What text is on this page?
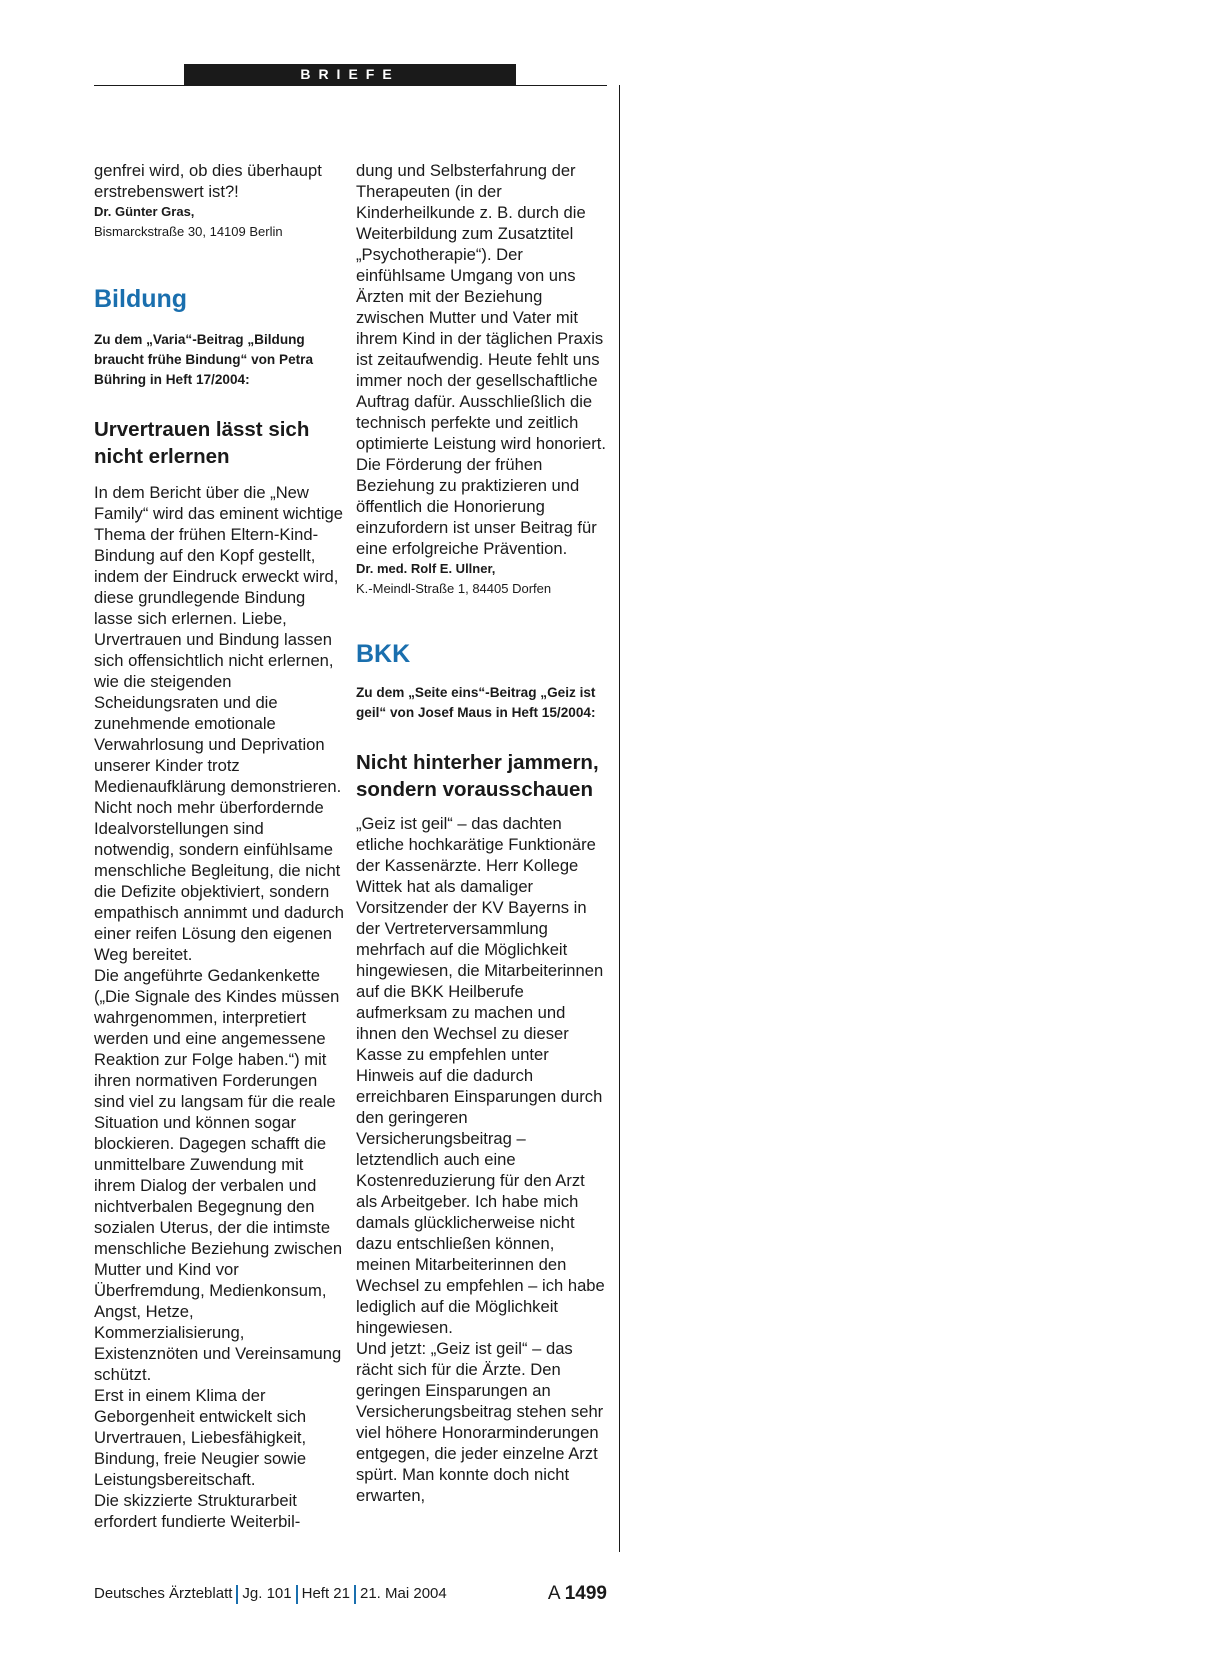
BRIEFE

genfrei wird, ob dies überhaupt erstrebenswert ist?!

Dr. Günter Gras,

Bismarckstraße 30, 14109 Berlin

Bildung

Zu dem „Varia“-Beitrag „Bildung braucht frühe Bindung“ von Petra Bühring in Heft 17/2004:

Urvertrauen lässt sich nicht erlernen

In dem Bericht über die „New Family“ wird das eminent wichtige Thema der frühen Eltern-Kind-Bindung auf den Kopf gestellt, indem der Eindruck erweckt wird, diese grundlegende Bindung lasse sich erlernen. Liebe, Urvertrauen und Bindung lassen sich offensichtlich nicht erlernen, wie die steigenden Scheidungsraten und die zunehmende emotionale Verwahrlosung und Deprivation unserer Kinder trotz Medienaufklärung demonstrieren. Nicht noch mehr überfordernde Idealvorstellungen sind notwendig, sondern einfühlsame menschliche Begleitung, die nicht die Defizite objektiviert, sondern empathisch annimmt und dadurch einer reifen Lösung den eigenen Weg bereitet.

Die angeführte Gedankenkette („Die Signale des Kindes müssen wahrgenommen, interpretiert werden und eine angemessene Reaktion zur Folge haben.“) mit ihren normativen Forderungen sind viel zu langsam für die reale Situation und können sogar blockieren. Dagegen schafft die unmittelbare Zuwendung mit ihrem Dialog der verbalen und nichtverbalen Begegnung den sozialen Uterus, der die intimste menschliche Beziehung zwischen Mutter und Kind vor Überfremdung, Medienkonsum, Angst, Hetze, Kommerzialisierung, Existenznöten und Vereinsamung schützt.

Erst in einem Klima der Geborgenheit entwickelt sich Urvertrauen, Liebesfähigkeit, Bindung, freie Neugier sowie Leistungsbereitschaft.

Die skizzierte Strukturarbeit erfordert fundierte Weiterbil-

dung und Selbsterfahrung der Therapeuten (in der Kinderheilkunde z. B. durch die Weiterbildung zum Zusatztitel „Psychotherapie“). Der einfühlsame Umgang von uns Ärzten mit der Beziehung zwischen Mutter und Vater mit ihrem Kind in der täglichen Praxis ist zeitaufwendig. Heute fehlt uns immer noch der gesellschaftliche Auftrag dafür. Ausschließlich die technisch perfekte und zeitlich optimierte Leistung wird honoriert. Die Förderung der frühen Beziehung zu praktizieren und öffentlich die Honorierung einzufordern ist unser Beitrag für eine erfolgreiche Prävention.

Dr. med. Rolf E. Ullner,

K.-Meindl-Straße 1, 84405 Dorfen

BKK

Zu dem „Seite eins“-Beitrag „Geiz ist geil“ von Josef Maus in Heft 15/2004:

Nicht hinterher jammern, sondern vorausschauen

„Geiz ist geil“ – das dachten etliche hochkarätige Funktionäre der Kassenärzte. Herr Kollege Wittek hat als damaliger Vorsitzender der KV Bayerns in der Vertreterversammlung mehrfach auf die Möglichkeit hingewiesen, die Mitarbeiterinnen auf die BKK Heilberufe aufmerksam zu machen und ihnen den Wechsel zu dieser Kasse zu empfehlen unter Hinweis auf die dadurch erreichbaren Einsparungen durch den geringeren Versicherungsbeitrag – letztendlich auch eine Kostenreduzierung für den Arzt als Arbeitgeber. Ich habe mich damals glücklicherweise nicht dazu entschließen können, meinen Mitarbeiterinnen den Wechsel zu empfehlen – ich habe lediglich auf die Möglichkeit hingewiesen.

Und jetzt: „Geiz ist geil“ – das rächt sich für die Ärzte. Den geringen Einsparungen an Versicherungsbeitrag stehen sehr viel höhere Honorarminderungen entgegen, die jeder einzelne Arzt spürt. Man konnte doch nicht erwarten,

Deutsches Ärzteblatt Jg. 101 Heft 21 21. Mai 2004	A 1499
